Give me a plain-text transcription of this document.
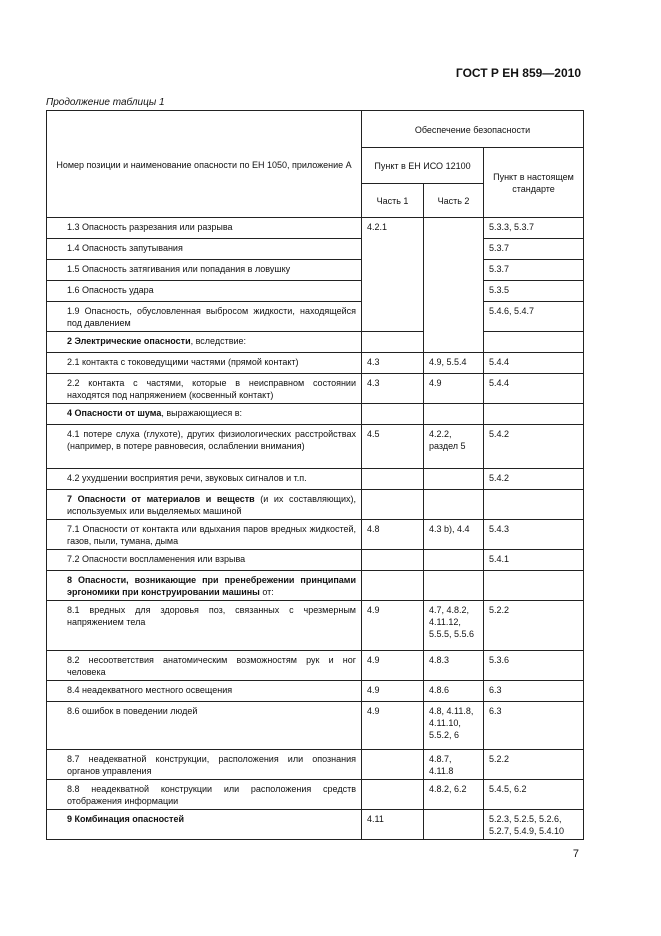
ГОСТ Р ЕН 859—2010
Продолжение таблицы 1
Номер позиции и наименование опасности по ЕН 1050, приложение А	Обеспечение безопасности		
	Пункт в ЕН ИСО 12100		Пункт в настоящем стандарте
	Часть 1	Часть 2	
1.3 Опасность разрезания или разрыва	4.2.1		5.3.3, 5.3.7
1.4 Опасность запутывания			5.3.7
1.5 Опасность затягивания или попадания в ловушку			5.3.7
1.6 Опасность удара			5.3.5
1.9 Опасность, обусловленная выбросом жидкости, находящейся под давлением			5.4.6, 5.4.7
2 Электрические опасности, вследствие:			
2.1 контакта с токоведущими частями (прямой контакт)	4.3	4.9, 5.5.4	5.4.4
2.2 контакта с частями, которые в неисправном состоянии находятся под напряжением (косвенный контакт)	4.3	4.9	5.4.4
4 Опасности от шума, выражающиеся в:			
4.1 потере слуха (глухоте), других физиологических расстройствах (например, в потере равновесия, ослаблении внимания)	4.5	4.2.2, раздел 5	5.4.2
4.2 ухудшении восприятия речи, звуковых сигналов и т.п.			5.4.2
7 Опасности от материалов и веществ (и их составляющих), используемых или выделяемых машиной			
7.1 Опасности от контакта или вдыхания паров вредных жидкостей, газов, пыли, тумана, дыма	4.8	4.3 b), 4.4	5.4.3
7.2 Опасности воспламенения или взрыва			5.4.1
8 Опасности, возникающие при пренебрежении принципами эргономики при конструировании машины от:			
8.1 вредных для здоровья поз, связанных с чрезмерным напряжением тела	4.9	4.7, 4.8.2, 4.11.12, 5.5.5, 5.5.6	5.2.2
8.2 несоответствия анатомическим возможностям рук и ног человека	4.9	4.8.3	5.3.6
8.4 неадекватного местного освещения	4.9	4.8.6	6.3
8.6 ошибок в поведении людей	4.9	4.8, 4.11.8, 4.11.10, 5.5.2, 6	6.3
8.7 неадекватной конструкции, расположения или опознания органов управления		4.8.7, 4.11.8	5.2.2
8.8 неадекватной конструкции или расположения средств отображения информации		4.8.2, 6.2	5.4.5, 6.2
9 Комбинация опасностей	4.11		5.2.3, 5.2.5, 5.2.6, 5.2.7, 5.4.9, 5.4.10
7
